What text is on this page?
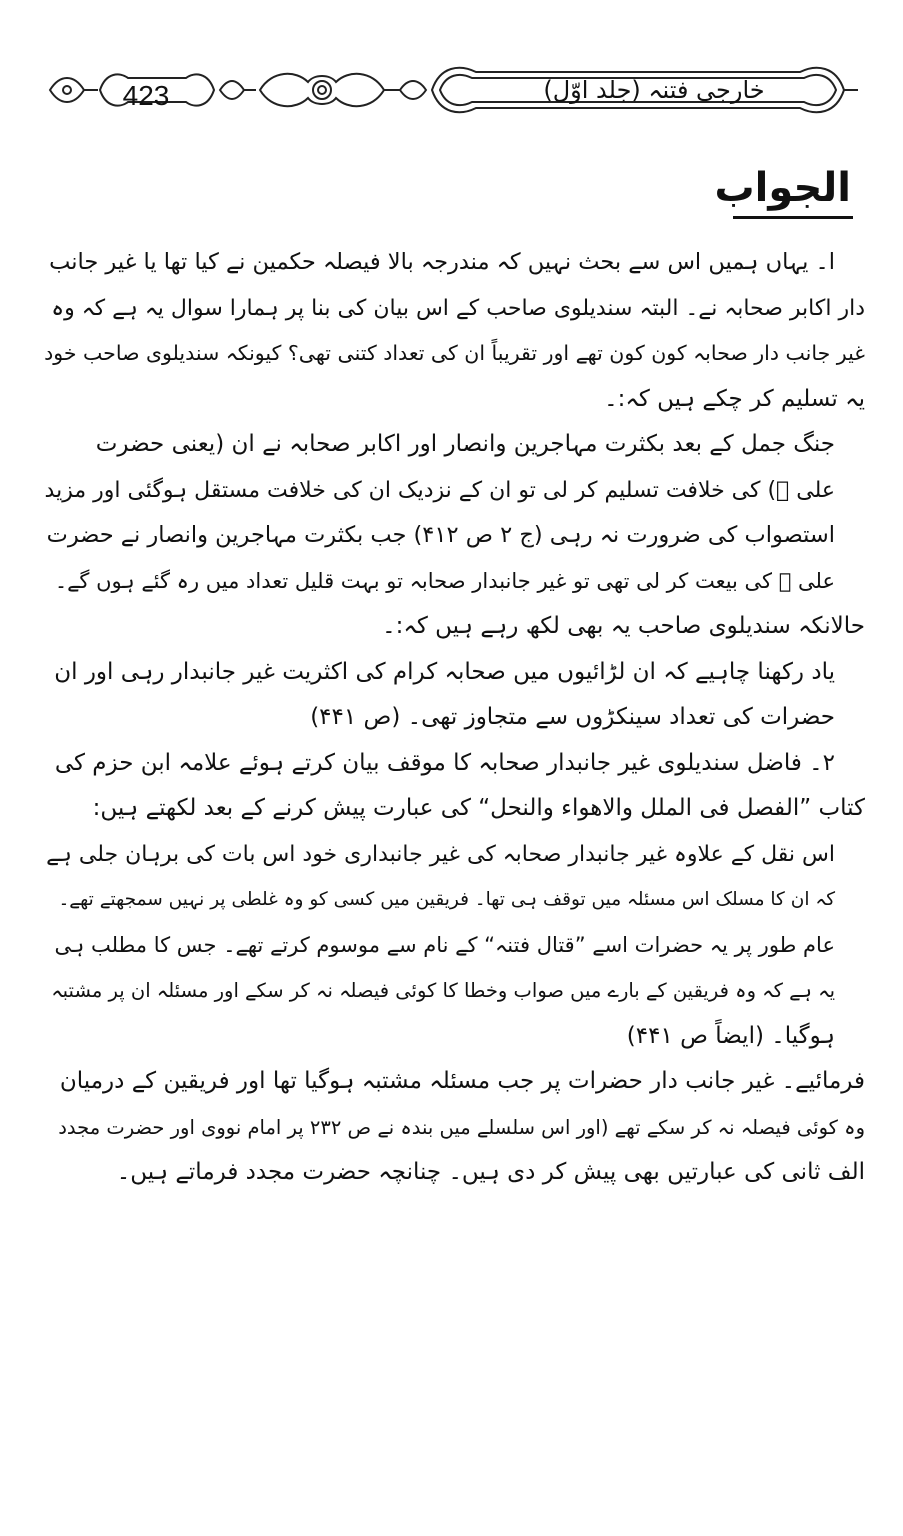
423	خارجی فتنہ (جلد اوّل)
الجواب
ا۔ یہاں ہمیں اس سے بحث نہیں کہ مندرجہ بالا فیصلہ حکمین نے کیا تھا یا غیر جانب
دار اکابر صحابہ نے۔ البتہ سندیلوی صاحب کے اس بیان کی بنا پر ہمارا سوال یہ ہے کہ وہ
غیر جانب دار صحابہ کون کون تھے اور تقریباً ان کی تعداد کتنی تھی؟ کیونکہ سندیلوی صاحب خود
یہ تسلیم کر چکے ہیں کہ:۔
جنگ جمل کے بعد بکثرت مہاجرین وانصار اور اکابر صحابہ نے ان (یعنی حضرت
علی ﷛) کی خلافت تسلیم کر لی تو ان کے نزدیک ان کی خلافت مستقل ہوگئی اور مزید
استصواب کی ضرورت نہ رہی (ج ۲ ص ۴۱۲) جب بکثرت مہاجرین وانصار نے حضرت
علی ﷛ کی بیعت کر لی تھی تو غیر جانبدار صحابہ تو بہت قلیل تعداد میں رہ گئے ہوں گے۔
حالانکہ سندیلوی صاحب یہ بھی لکھ رہے ہیں کہ:۔
یاد رکھنا چاہیے کہ ان لڑائیوں میں صحابہ کرام کی اکثریت غیر جانبدار رہی اور ان
حضرات کی تعداد سینکڑوں سے متجاوز تھی۔ (ص ۴۴۱)
۲۔ فاضل سندیلوی غیر جانبدار صحابہ کا موقف بیان کرتے ہوئے علامہ ابن حزم کی
کتاب ”الفصل فی الملل والاھواء والنحل“ کی عبارت پیش کرنے کے بعد لکھتے ہیں:
اس نقل کے علاوہ غیر جانبدار صحابہ کی غیر جانبداری خود اس بات کی برہان جلی ہے
کہ ان کا مسلک اس مسئلہ میں توقف ہی تھا۔ فریقین میں کسی کو وہ غلطی پر نہیں سمجھتے تھے۔
عام طور پر یہ حضرات اسے ”قتال فتنہ“ کے نام سے موسوم کرتے تھے۔ جس کا مطلب ہی
یہ ہے کہ وہ فریقین کے بارے میں صواب وخطا کا کوئی فیصلہ نہ کر سکے اور مسئلہ ان پر مشتبہ
ہوگیا۔ (ایضاً ص ۴۴۱)
فرمائیے۔ غیر جانب دار حضرات پر جب مسئلہ مشتبہ ہوگیا تھا اور فریقین کے درمیان
وہ کوئی فیصلہ نہ کر سکے تھے (اور اس سلسلے میں بندہ نے ص ۲۳۲ پر امام نووی اور حضرت مجدد
الف ثانی کی عبارتیں بھی پیش کر دی ہیں۔ چنانچہ حضرت مجدد فرماتے ہیں۔
